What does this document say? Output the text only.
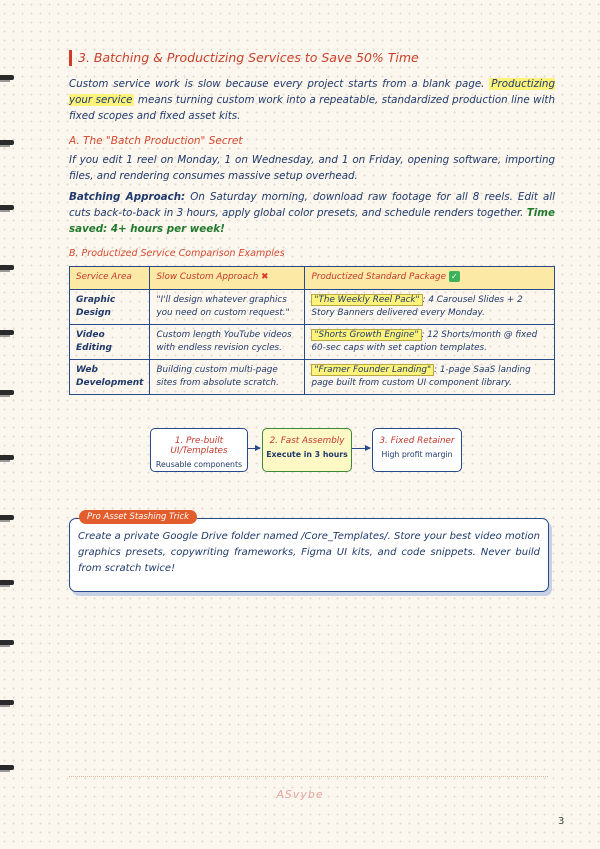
3. Batching & Productizing Services to Save 50% Time

Custom service work is slow because every project starts from a blank page. Productizing your service means turning custom work into a repeatable, standardized production line with fixed scopes and fixed asset kits.

A. The "Batch Production" Secret

If you edit 1 reel on Monday, 1 on Wednesday, and 1 on Friday, opening software, importing files, and rendering consumes massive setup overhead.

Batching Approach: On Saturday morning, download raw footage for all 8 reels. Edit all cuts back-to-back in 3 hours, apply global color presets, and schedule renders together. Time saved: 4+ hours per week!

B. Productized Service Comparison Examples
Service Area	Slow Custom Approach ✖	Productized Standard Package ✓
Graphic Design	"I'll design whatever graphics you need on custom request."	"The Weekly Reel Pack" : 4 Carousel Slides + 2 Story Banners delivered every Monday.
Video Editing	Custom length YouTube videos with endless revision cycles.	"Shorts Growth Engine" : 12 Shorts/month @ fixed 60-sec caps with set caption templates.
Web Development	Building custom multi-page sites from absolute scratch.	"Framer Founder Landing" : 1-page SaaS landing page built from custom UI component library.
1. Pre-built UI/Templates
Reusable components
2. Fast Assembly
Execute in 3 hours
3. Fixed Retainer
High profit margin
Pro Asset Stashing Trick

Create a private Google Drive folder named /Core_Templates/. Store your best video motion graphics presets, copywriting frameworks, Figma UI kits, and code snippets. Never build from scratch twice!

ASvybe
3
